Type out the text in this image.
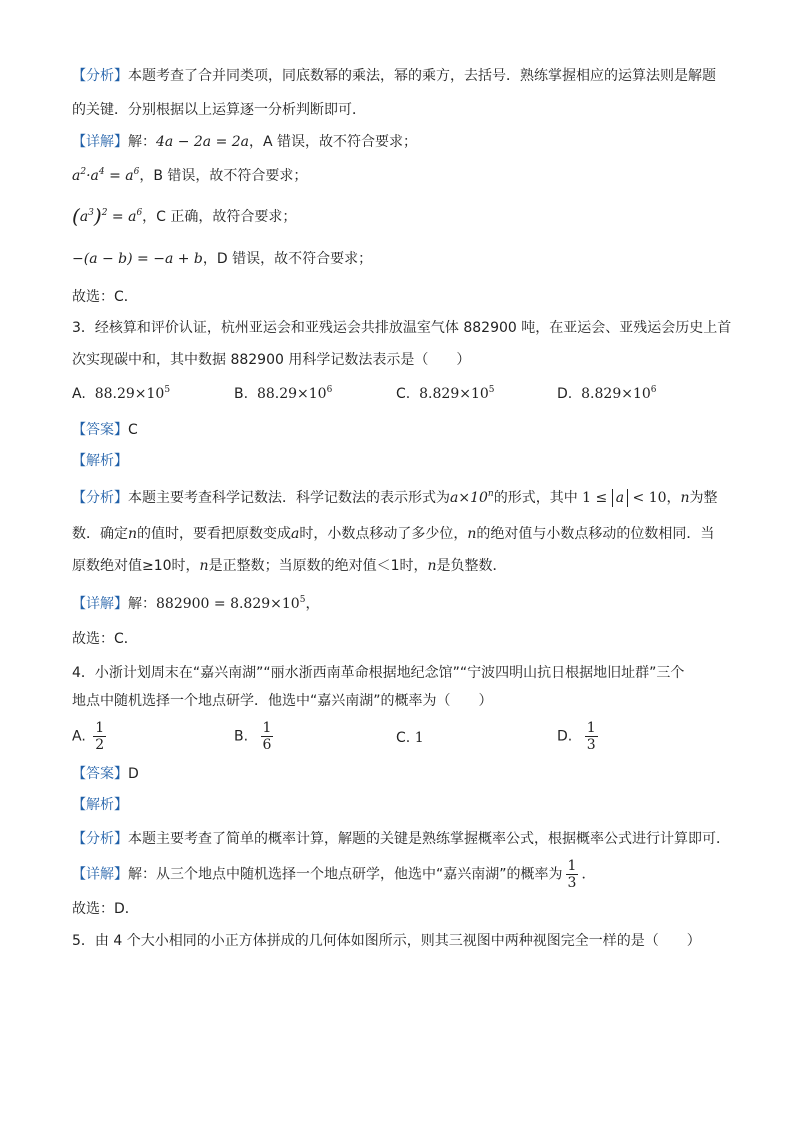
【分析】本题考查了合并同类项，同底数幂的乘法，幂的乘方，去括号．熟练掌握相应的运算法则是解题
的关键．分别根据以上运算逐一分析判断即可．
【详解】解：4a − 2a = 2a，A 错误，故不符合要求；
$a^2\cdot a^4 = a^6$，B 错误，故不符合要求；
$(a^3)^2 = a^6$，C 正确，故符合要求；
−(a − b) = −a + b，D 错误，故不符合要求；
故选：C．
3．经核算和评价认证，杭州亚运会和亚残运会共排放温室气体 882900 吨，在亚运会、亚残运会历史上首
次实现碳中和，其中数据 882900 用科学记数法表示是（　　）
A. $88.29\times 10^5$	B. $88.29\times 10^6$	C. $8.829\times 10^5$	D. $8.829\times 10^6$
【答案】C
【解析】
【分析】本题主要考查科学记数法．科学记数法的表示形式为$a\times 10^n$的形式，其中 1 ≤ a < 10，n为整
数．确定n的值时，要看把原数变成a时，小数点移动了多少位，n的绝对值与小数点移动的位数相同．当
原数绝对值≥10时，n是正整数；当原数的绝对值＜1时，n是负整数．
【详解】解：$882900 = 8.829\times 10^5$，
故选：C．
4．小浙计划周末在“嘉兴南湖”“丽水浙西南革命根据地纪念馆”“宁波四明山抗日根据地旧址群”三个
地点中随机选择一个地点研学．他选中“嘉兴南湖”的概率为（　　）
A. $\frac{1}{2}$	B. $\frac{1}{6}$	C. 1	D. $\frac{1}{3}$
【答案】D
【解析】
【分析】本题主要考查了简单的概率计算，解题的关键是熟练掌握概率公式，根据概率公式进行计算即可．
【详解】解：从三个地点中随机选择一个地点研学，他选中“嘉兴南湖”的概率为 $\frac{1}{3}$ ．
故选：D．
5．由 4 个大小相同的小正方体拼成的几何体如图所示，则其三视图中两种视图完全一样的是（　　）
